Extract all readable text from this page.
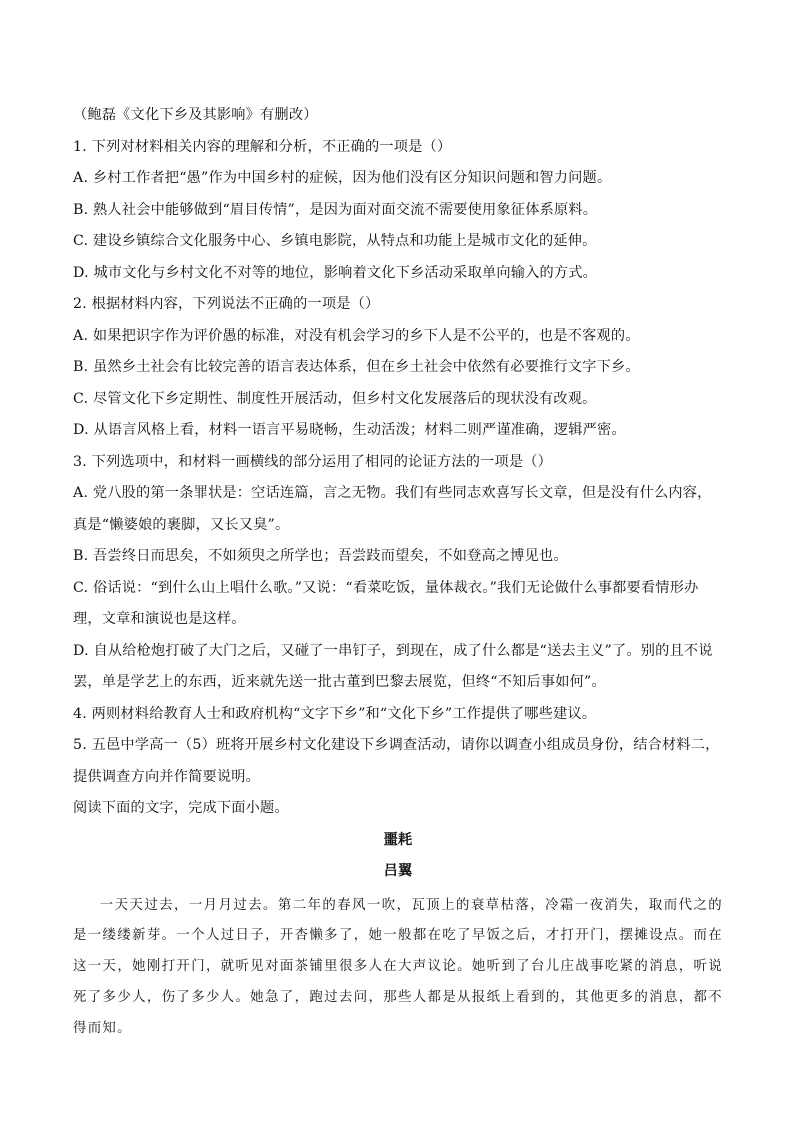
（鲍磊《文化下乡及其影响》有删改）
1. 下列对材料相关内容的理解和分析，不正确的一项是（）
A. 乡村工作者把“愚”作为中国乡村的症候，因为他们没有区分知识问题和智力问题。
B. 熟人社会中能够做到“眉目传情”，是因为面对面交流不需要使用象征体系原料。
C. 建设乡镇综合文化服务中心、乡镇电影院，从特点和功能上是城市文化的延伸。
D. 城市文化与乡村文化不对等的地位，影响着文化下乡活动采取单向输入的方式。
2. 根据材料内容，下列说法不正确的一项是（）
A. 如果把识字作为评价愚的标准，对没有机会学习的乡下人是不公平的，也是不客观的。
B. 虽然乡土社会有比较完善的语言表达体系，但在乡土社会中依然有必要推行文字下乡。
C. 尽管文化下乡定期性、制度性开展活动，但乡村文化发展落后的现状没有改观。
D. 从语言风格上看，材料一语言平易晓畅，生动活泼；材料二则严谨准确，逻辑严密。
3. 下列选项中，和材料一画横线的部分运用了相同的论证方法的一项是（）
A. 党八股的第一条罪状是：空话连篇，言之无物。我们有些同志欢喜写长文章，但是没有什么内容，真是“懒婆娘的裹脚，又长又臭”。
B. 吾尝终日而思矣，不如须臾之所学也；吾尝跂而望矣，不如登高之博见也。
C. 俗话说：“到什么山上唱什么歌。”又说：“看菜吃饭，量体裁衣。”我们无论做什么事都要看情形办理，文章和演说也是这样。
D. 自从给枪炮打破了大门之后，又碰了一串钉子，到现在，成了什么都是“送去主义”了。别的且不说罢，单是学艺上的东西，近来就先送一批古董到巴黎去展览，但终“不知后事如何”。
4. 两则材料给教育人士和政府机构“文字下乡”和“文化下乡”工作提供了哪些建议。
5. 五邑中学高一（5）班将开展乡村文化建设下乡调查活动，请你以调查小组成员身份，结合材料二，提供调查方向并作简要说明。
阅读下面的文字，完成下面小题。
噩耗
吕翼
一天天过去，一月月过去。第二年的春风一吹，瓦顶上的衰草枯落，冷霜一夜消失，取而代之的是一缕缕新芽。一个人过日子，开杏懒多了，她一般都在吃了早饭之后，才打开门，摆摊设点。而在这一天，她刚打开门，就听见对面茶铺里很多人在大声议论。她听到了台儿庄战事吃紧的消息，听说死了多少人，伤了多少人。她急了，跑过去问，那些人都是从报纸上看到的，其他更多的消息，都不得而知。
